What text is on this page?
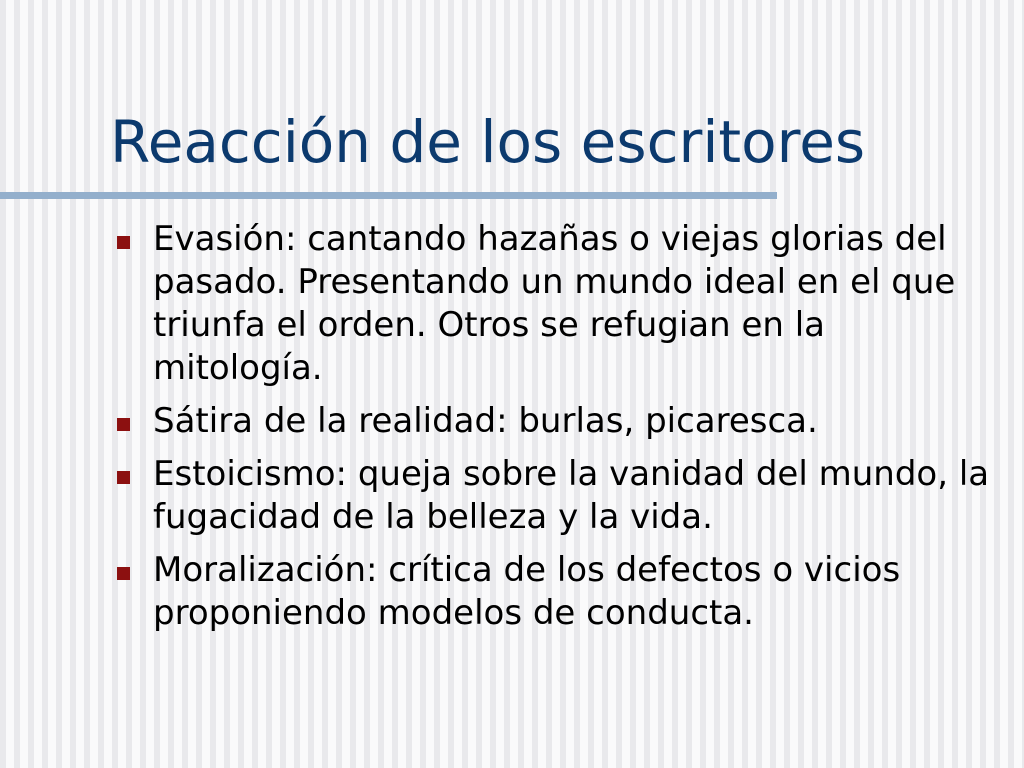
Reacción de los escritores
Evasión: cantando hazañas o viejas glorias del pasado. Presentando un mundo ideal en el que triunfa el orden. Otros se refugian en la mitología.
Sátira de la realidad: burlas, picaresca.
Estoicismo: queja sobre la vanidad del mundo, la fugacidad de la belleza y la vida.
Moralización: crítica de los defectos o vicios proponiendo modelos de conducta.
